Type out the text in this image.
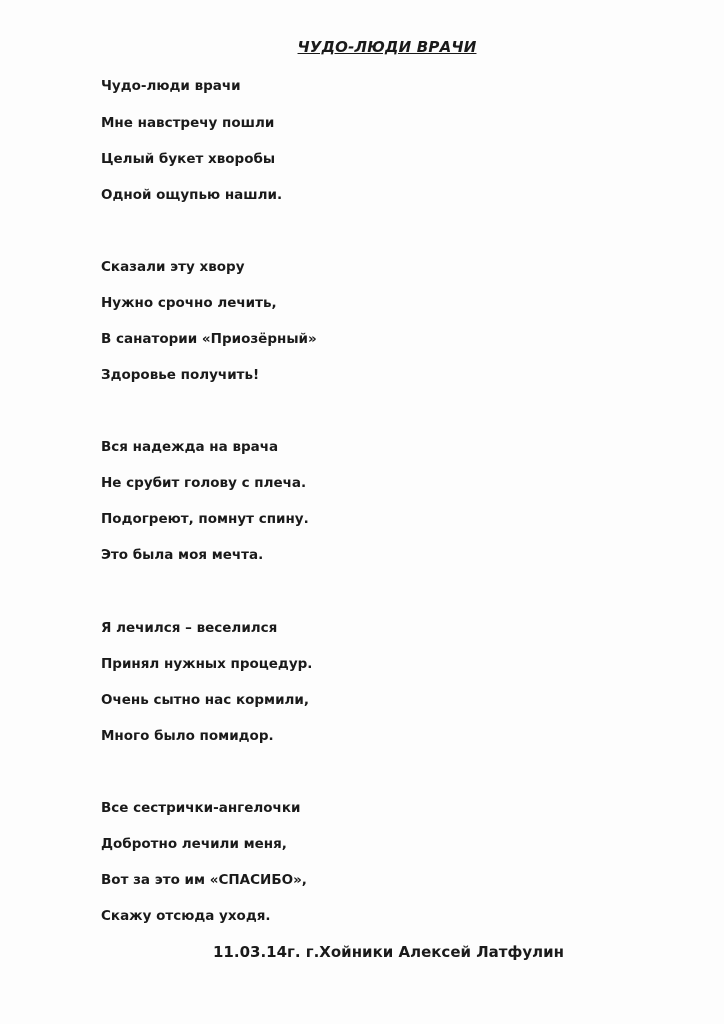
ЧУДО-ЛЮДИ ВРАЧИ
Чудо-люди врачи
Мне навстречу пошли
Целый букет хворобы
Одной ощупью нашли.
Сказали эту хвору
Нужно срочно лечить,
В санатории «Приозёрный»
Здоровье получить!
Вся надежда на врача
Не срубит голову с плеча.
Подогреют, помнут спину.
Это была моя мечта.
Я лечился – веселился
Принял нужных процедур.
Очень сытно нас кормили,
Много было помидор.
Все сестрички-ангелочки
Добротно лечили меня,
Вот за это им «СПАСИБО»,
Скажу отсюда уходя.
11.03.14г. г.Хойники Алексей Латфулин
